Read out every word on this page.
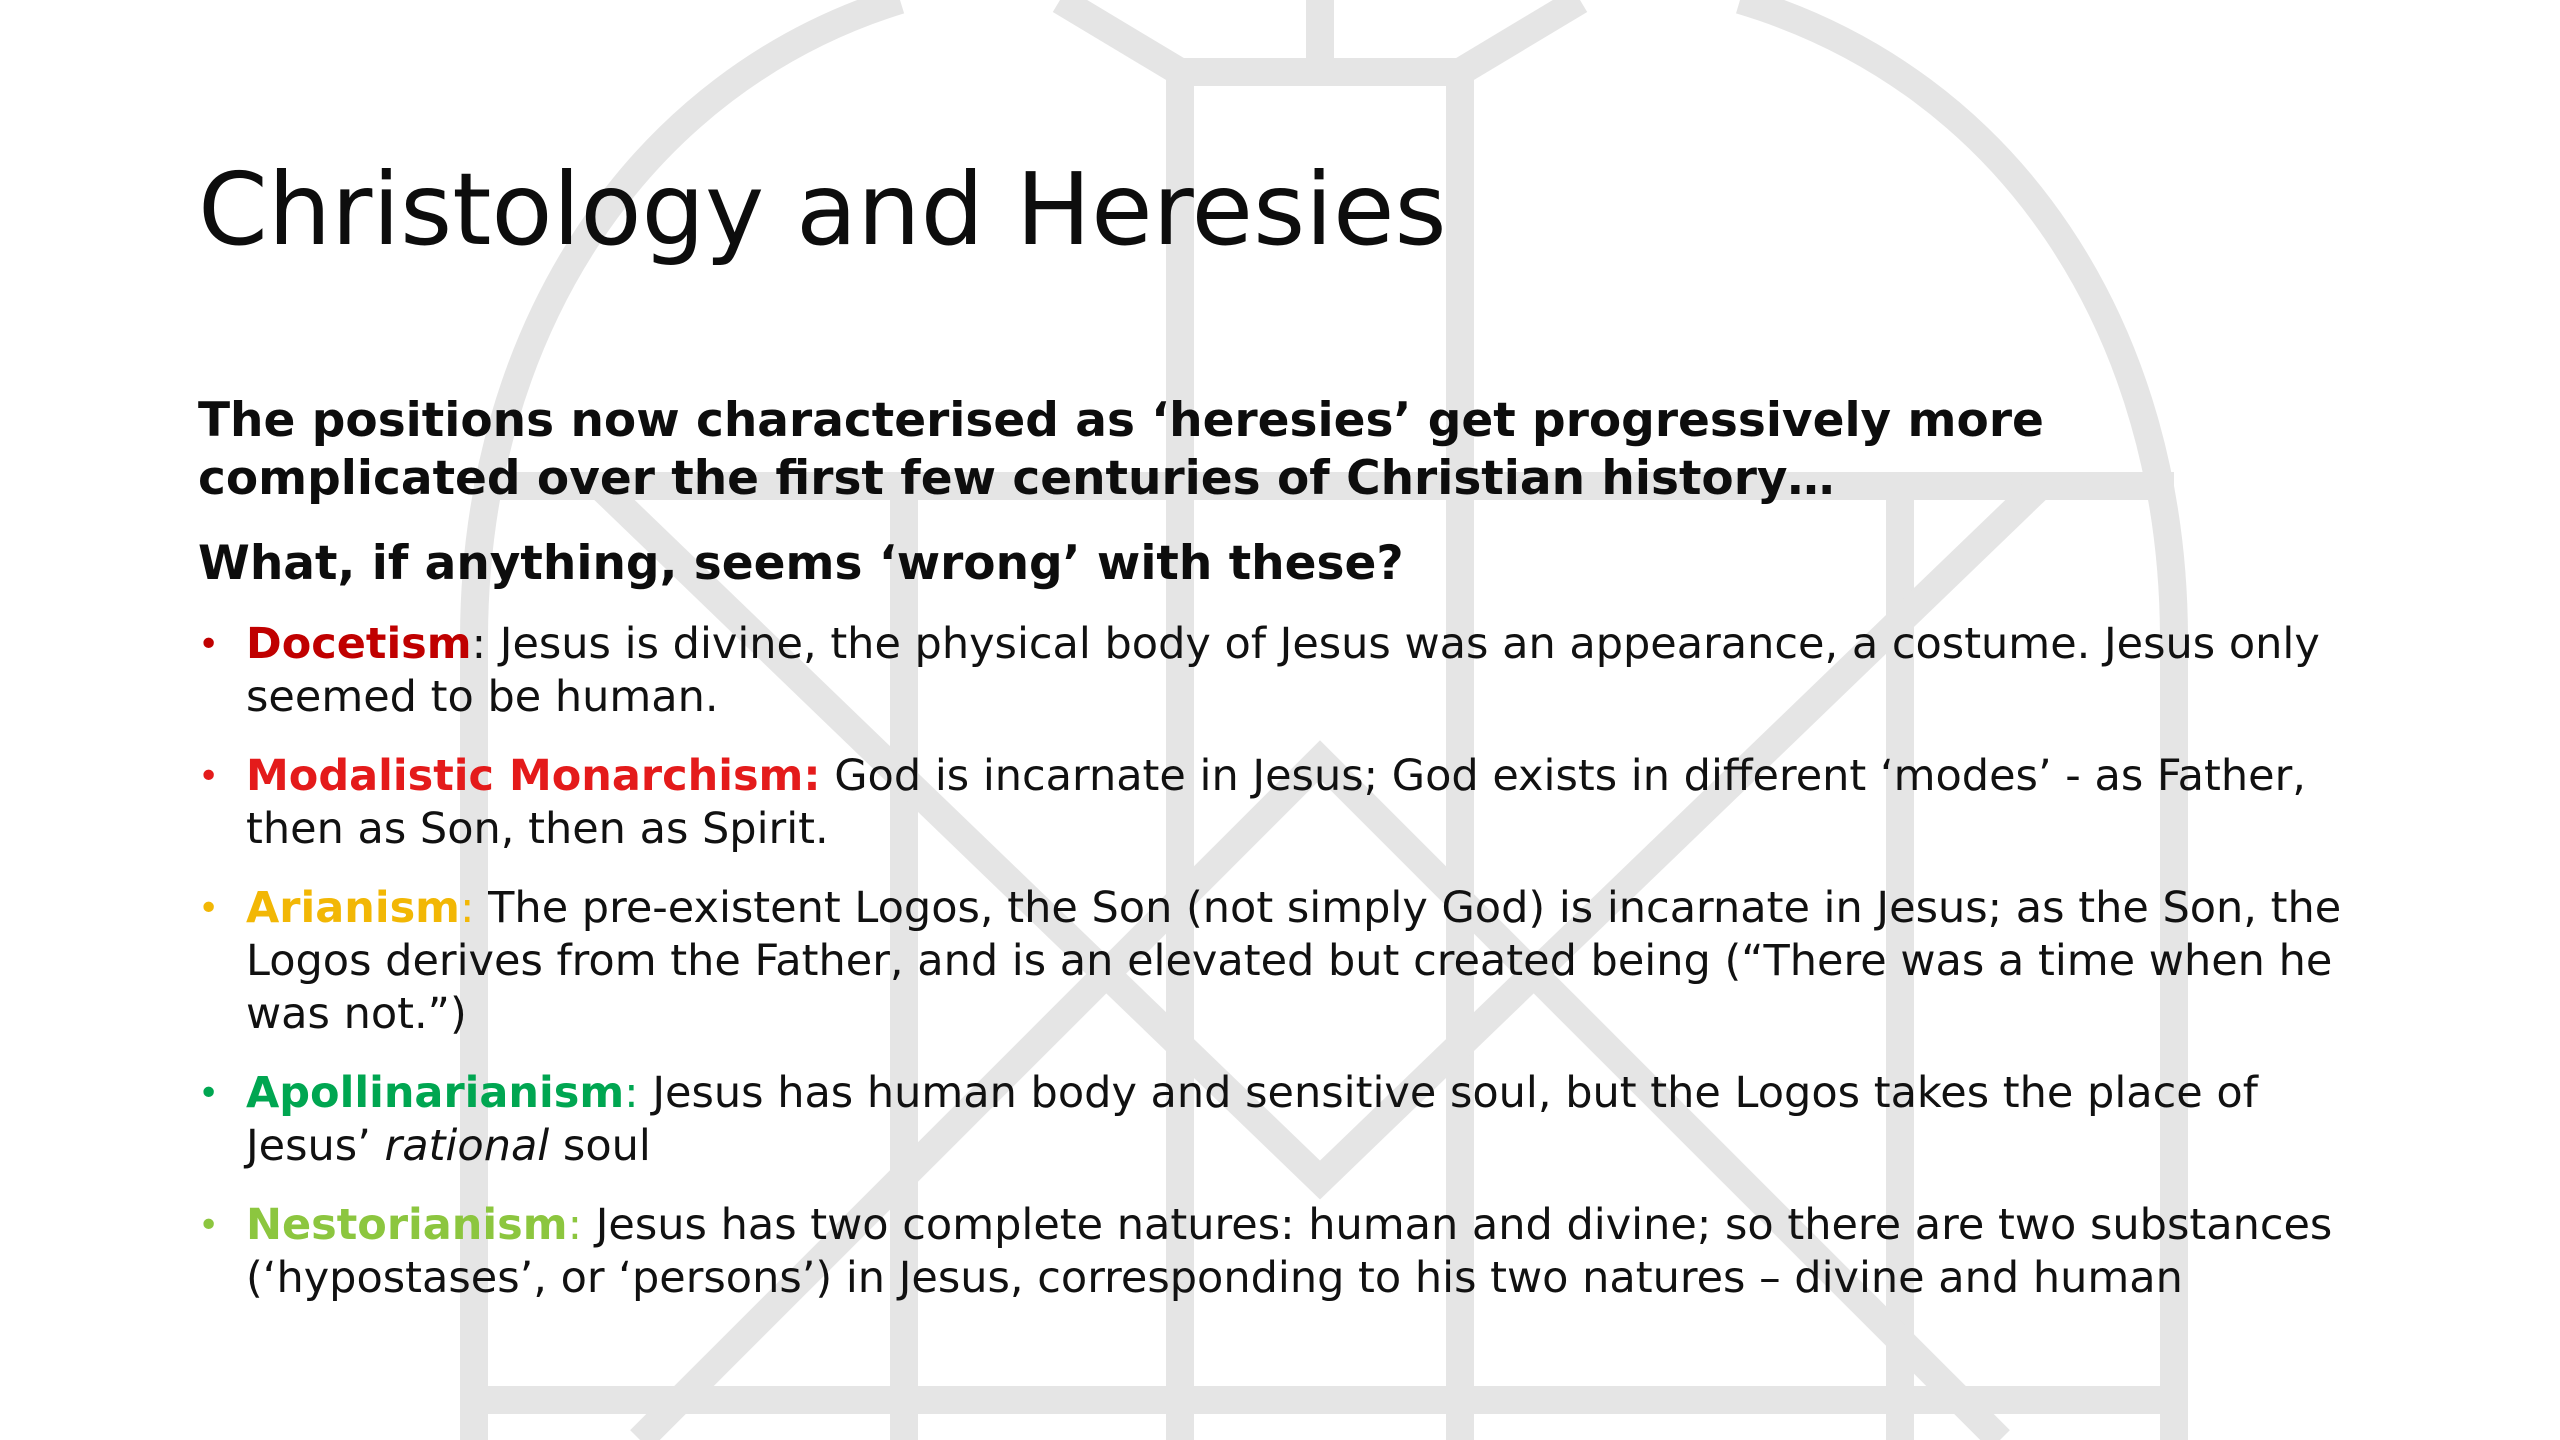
Christology and Heresies

The positions now characterised as ‘heresies’ get progressively more complicated over the first few centuries of Christian history…

What, if anything, seems ‘wrong’ with these?

• Docetism: Jesus is divine, the physical body of Jesus was an appearance, a costume. Jesus only seemed to be human.
• Modalistic Monarchism: God is incarnate in Jesus; God exists in different ‘modes’ - as Father, then as Son, then as Spirit.
• Arianism: The pre-existent Logos, the Son (not simply God) is incarnate in Jesus; as the Son, the Logos derives from the Father, and is an elevated but created being (“There was a time when he was not.”)
• Apollinarianism: Jesus has human body and sensitive soul, but the Logos takes the place of Jesus’ rational soul
• Nestorianism: Jesus has two complete natures: human and divine; so there are two substances (‘hypostases’, or ‘persons’) in Jesus, corresponding to his two natures – divine and human
